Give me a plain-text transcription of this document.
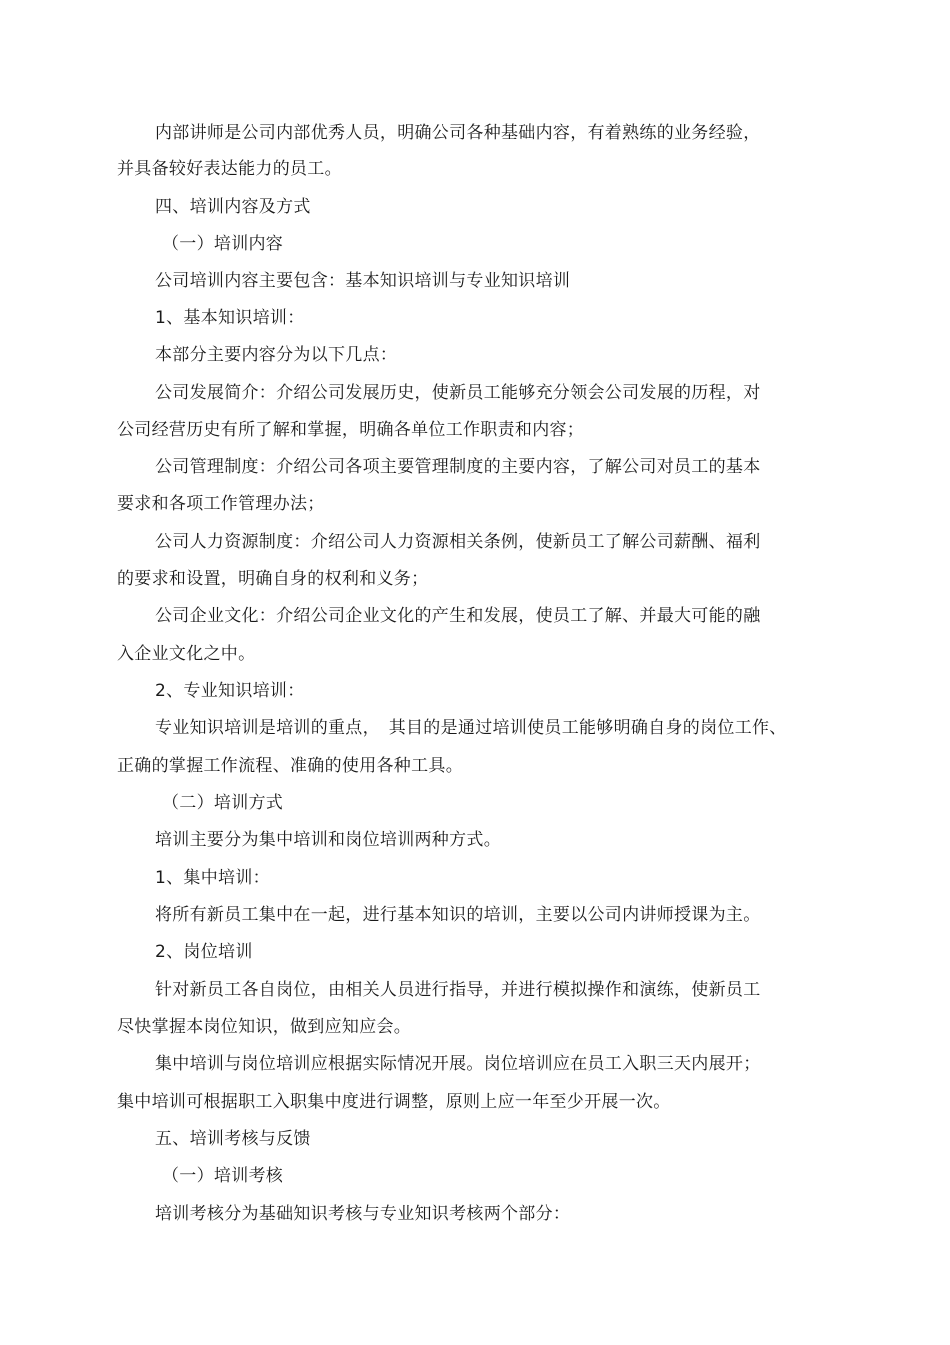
内部讲师是公司内部优秀人员，明确公司各种基础内容，有着熟练的业务经验，
并具备较好表达能力的员工。
四、培训内容及方式
（一）培训内容
公司培训内容主要包含：基本知识培训与专业知识培训
1、基本知识培训：
本部分主要内容分为以下几点：
公司发展简介：介绍公司发展历史，使新员工能够充分领会公司发展的历程，对
公司经营历史有所了解和掌握，明确各单位工作职责和内容；
公司管理制度：介绍公司各项主要管理制度的主要内容，了解公司对员工的基本
要求和各项工作管理办法；
公司人力资源制度：介绍公司人力资源相关条例，使新员工了解公司薪酬、福利
的要求和设置，明确自身的权利和义务；
公司企业文化：介绍公司企业文化的产生和发展，使员工了解、并最大可能的融
入企业文化之中。
2、专业知识培训：
专业知识培训是培训的重点，　其目的是通过培训使员工能够明确自身的岗位工作、
正确的掌握工作流程、准确的使用各种工具。
（二）培训方式
培训主要分为集中培训和岗位培训两种方式。
1、集中培训：
将所有新员工集中在一起，进行基本知识的培训，主要以公司内讲师授课为主。
2、岗位培训
针对新员工各自岗位，由相关人员进行指导，并进行模拟操作和演练，使新员工
尽快掌握本岗位知识，做到应知应会。
集中培训与岗位培训应根据实际情况开展。岗位培训应在员工入职三天内展开；
集中培训可根据职工入职集中度进行调整，原则上应一年至少开展一次。
五、培训考核与反馈
（一）培训考核
培训考核分为基础知识考核与专业知识考核两个部分：
